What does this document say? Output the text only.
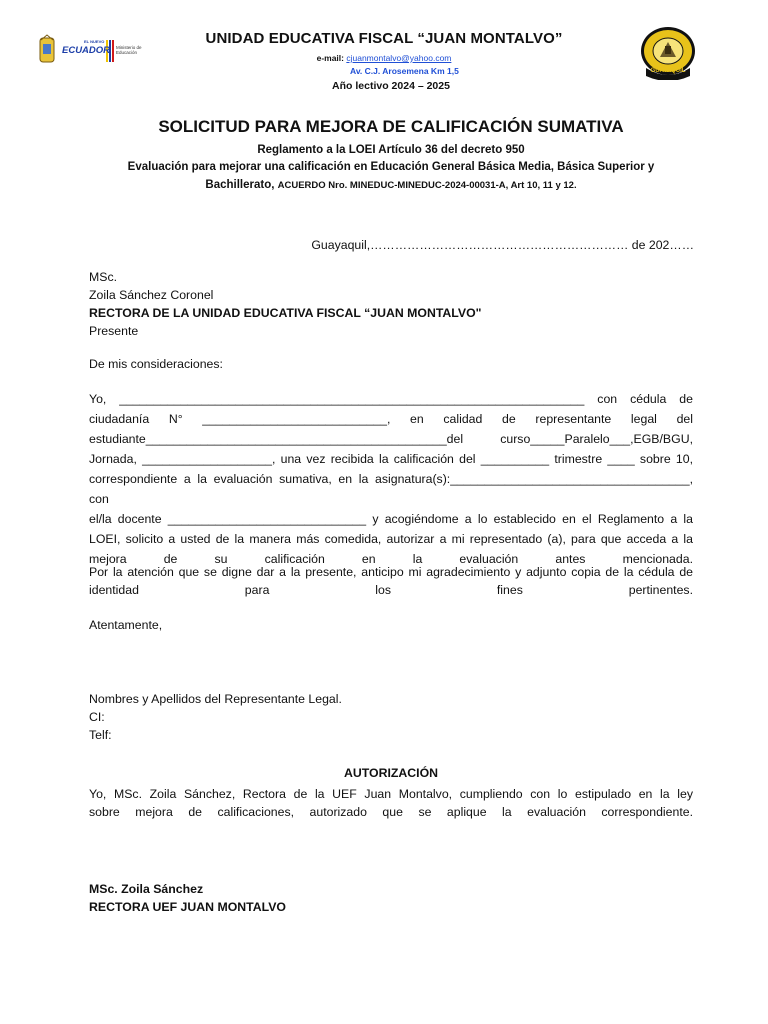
EL NUEVO
ECUADOR Ministerio de Educación
GUAYAQUIL
UNIDAD EDUCATIVA FISCAL “JUAN MONTALVO”
e-mail: cjuanmontalvo@yahoo.com
Av. C.J. Arosemena Km 1,5
Año lectivo 2024 – 2025
SOLICITUD PARA MEJORA DE CALIFICACIÓN SUMATIVA
Reglamento a la LOEI Artículo 36 del decreto 950
Evaluación para mejorar una calificación en Educación General Básica Media, Básica Superior y
Bachillerato, ACUERDO Nro. MINEDUC-MINEDUC-2024-00031-A, Art 10, 11 y 12.
Guayaquil,……………………………………………………… de 202……
MSc.
Zoila Sánchez Coronel
RECTORA DE LA UNIDAD EDUCATIVA FISCAL “JUAN MONTALVO"
Presente
De mis consideraciones:
Yo, ____________________________________________________________________ con cédula de
ciudadanía N° ___________________________, en calidad de representante legal del
estudiante____________________________________________del curso_____Paralelo___,EGB/BGU,
Jornada, ___________________, una vez recibida la calificación del __________ trimestre ____ sobre 10,
correspondiente a la evaluación sumativa, en la asignatura(s):___________________________________, con
el/la docente _____________________________ y acogiéndome a lo establecido en el Reglamento a la
LOEI, solicito a usted de la manera más comedida, autorizar a mi representado (a), para que acceda a la
mejora de su calificación en la evaluación antes mencionada.
Por la atención que se digne dar a la presente, anticipo mi agradecimiento y adjunto copia de la cédula de
identidad para los fines pertinentes.
Atentamente,
Nombres y Apellidos del Representante Legal.
CI:
Telf:
AUTORIZACIÓN
Yo, MSc. Zoila Sánchez, Rectora de la UEF Juan Montalvo, cumpliendo con lo estipulado en la ley
sobre mejora de calificaciones, autorizado que se aplique la evaluación correspondiente.
MSc. Zoila Sánchez
RECTORA UEF JUAN MONTALVO
